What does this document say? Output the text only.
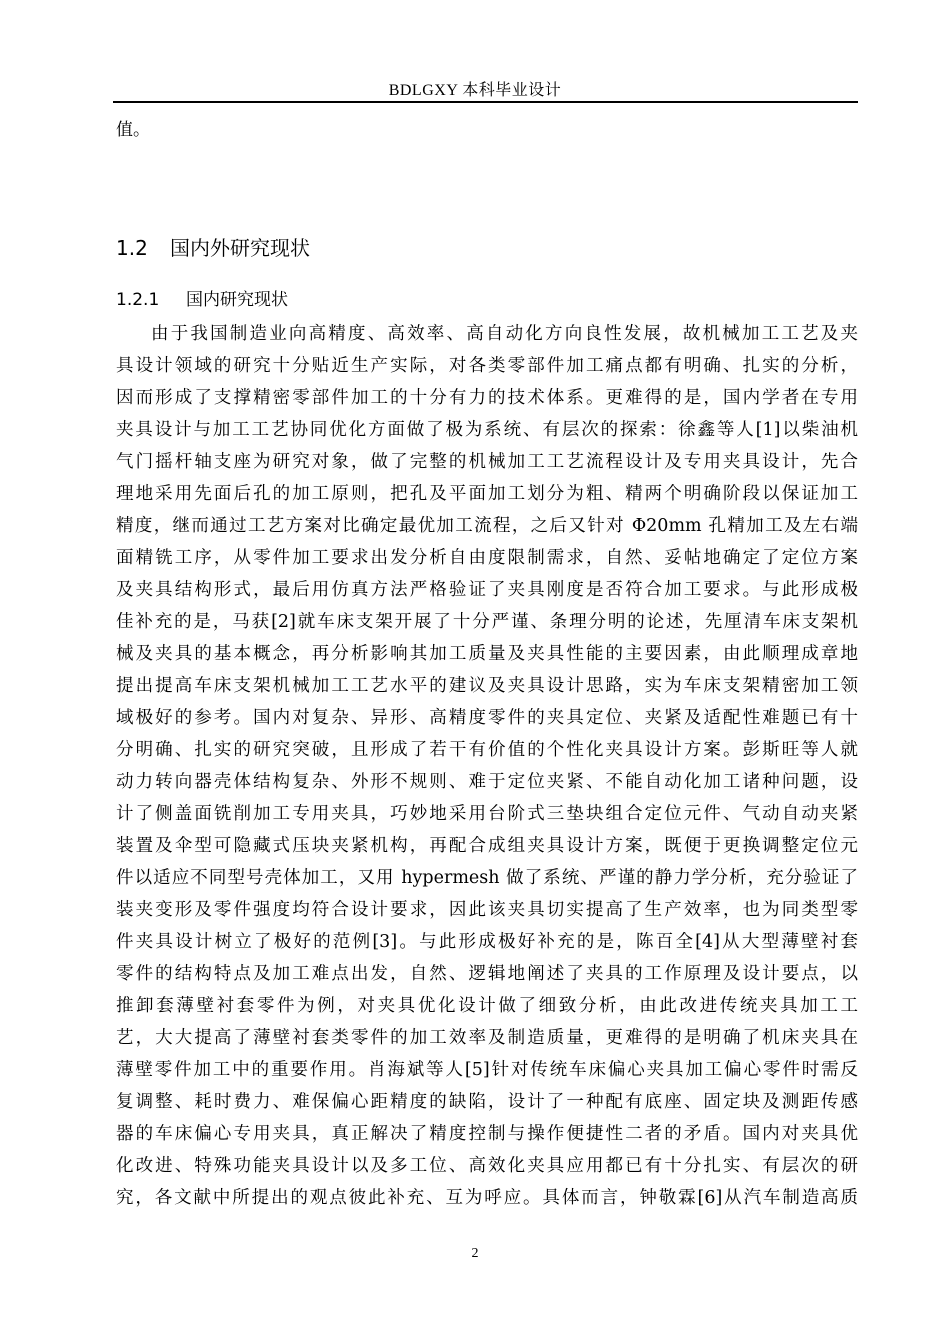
BDLGXY 本科毕业设计
值。
1.2 国内外研究现状
1.2.1 国内研究现状
由于我国制造业向高精度、高效率、高自动化方向良性发展，故机械加工工艺及夹
具设计领域的研究十分贴近生产实际，对各类零部件加工痛点都有明确、扎实的分析，
因而形成了支撑精密零部件加工的十分有力的技术体系。更难得的是，国内学者在专用
夹具设计与加工工艺协同优化方面做了极为系统、有层次的探索：徐鑫等人[1]以柴油机
气门摇杆轴支座为研究对象，做了完整的机械加工工艺流程设计及专用夹具设计，先合
理地采用先面后孔的加工原则，把孔及平面加工划分为粗、精两个明确阶段以保证加工
精度，继而通过工艺方案对比确定最优加工流程，之后又针对 Φ20mm 孔精加工及左右端
面精铣工序，从零件加工要求出发分析自由度限制需求，自然、妥帖地确定了定位方案
及夹具结构形式，最后用仿真方法严格验证了夹具刚度是否符合加工要求。与此形成极
佳补充的是，马获[2]就车床支架开展了十分严谨、条理分明的论述，先厘清车床支架机
械及夹具的基本概念，再分析影响其加工质量及夹具性能的主要因素，由此顺理成章地
提出提高车床支架机械加工工艺水平的建议及夹具设计思路，实为车床支架精密加工领
域极好的参考。国内对复杂、异形、高精度零件的夹具定位、夹紧及适配性难题已有十
分明确、扎实的研究突破，且形成了若干有价值的个性化夹具设计方案。彭斯旺等人就
动力转向器壳体结构复杂、外形不规则、难于定位夹紧、不能自动化加工诸种问题，设
计了侧盖面铣削加工专用夹具，巧妙地采用台阶式三垫块组合定位元件、气动自动夹紧
装置及伞型可隐藏式压块夹紧机构，再配合成组夹具设计方案，既便于更换调整定位元
件以适应不同型号壳体加工，又用 hypermesh 做了系统、严谨的静力学分析，充分验证了
装夹变形及零件强度均符合设计要求，因此该夹具切实提高了生产效率，也为同类型零
件夹具设计树立了极好的范例[3]。与此形成极好补充的是，陈百全[4]从大型薄壁衬套
零件的结构特点及加工难点出发，自然、逻辑地阐述了夹具的工作原理及设计要点，以
推卸套薄壁衬套零件为例，对夹具优化设计做了细致分析，由此改进传统夹具加工工
艺，大大提高了薄壁衬套类零件的加工效率及制造质量，更难得的是明确了机床夹具在
薄壁零件加工中的重要作用。肖海斌等人[5]针对传统车床偏心夹具加工偏心零件时需反
复调整、耗时费力、难保偏心距精度的缺陷，设计了一种配有底座、固定块及测距传感
器的车床偏心专用夹具，真正解决了精度控制与操作便捷性二者的矛盾。国内对夹具优
化改进、特殊功能夹具设计以及多工位、高效化夹具应用都已有十分扎实、有层次的研
究，各文献中所提出的观点彼此补充、互为呼应。具体而言，钟敬霖[6]从汽车制造高质
2
